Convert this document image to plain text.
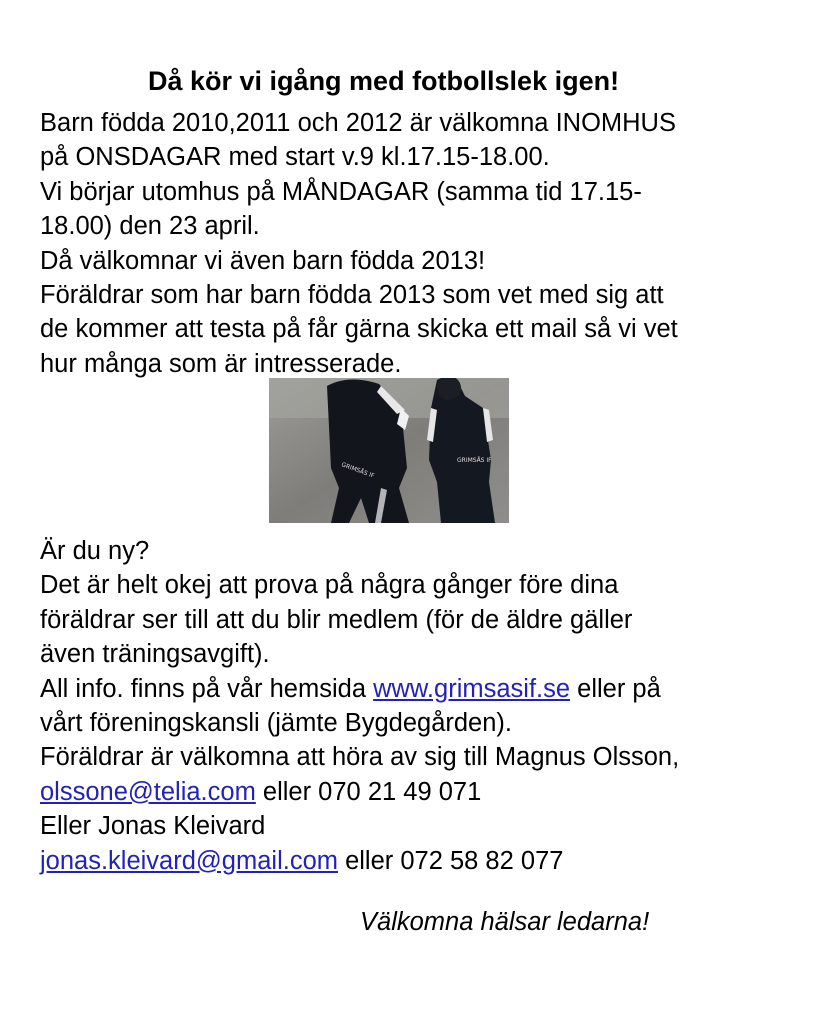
Då kör vi igång med fotbollslek igen!
Barn födda 2010,2011 och 2012 är välkomna INOMHUS
på ONSDAGAR med start v.9 kl.17.15-18.00.
Vi börjar utomhus på MÅNDAGAR (samma tid 17.15-
18.00) den 23 april.
Då välkomnar vi även barn födda 2013!
Föräldrar som har barn födda 2013 som vet med sig att
de kommer att testa på får gärna skicka ett mail så vi vet
hur många som är intresserade.
GRIMSÅS IF
GRIMSÅS IF
Är du ny?
Det är helt okej att prova på några gånger före dina
föräldrar ser till att du blir medlem (för de äldre gäller
även träningsavgift).
All info. finns på vår hemsida www.grimsasif.se eller på
vårt föreningskansli (jämte Bygdegården).
Föräldrar är välkomna att höra av sig till Magnus Olsson,
olssone@telia.com eller 070 21 49 071
Eller Jonas Kleivard
jonas.kleivard@gmail.com eller 072 58 82 077
Välkomna hälsar ledarna!
